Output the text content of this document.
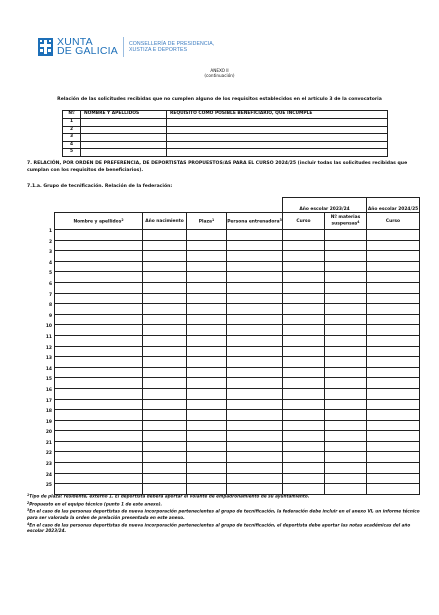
XUNTA
DE GALICIA
CONSELLERÍA DE PRESIDENCIA,
XUSTIZA E DEPORTES
ANEXO II
(continuación)
Relación de las solicitudes recibidas que no cumplen alguno de los requisitos establecidos en el artículo 3 de la convocatoria
Nº	NOMBRE Y APELLIDOS	REQUISITO COMO POSIBLE BENEFICIARIO, QUE INCUMPLE
1		
2		
3		
4		
5		
7. RELACIÓN, POR ORDEN DE PREFERENCIA, DE DEPORTISTAS PROPUESTOS/AS PARA EL CURSO 2024/25 (incluir todas las solicitudes recibidas que cumplan con los requisitos de beneficiarios).
7.1.a. Grupo de tecnificación. Relación de la federación:
				Año escolar 2023/24		Año escolar 2024/25
Nombre y apellidos$^2$	Año nacimiento	Plaza$^1$	Persona entrenadora$^3$	Curso	Nº materias suspensas$^4$	Curso

1
2
3
4
5
6
7
8
9
10
11
12
13
14
15
16
17
18
19
20
21
22
23
24
25
$^1$Tipo de plaza: residente, externo 1. El deportista deberá aportar el volante de empadronamiento de su ayuntamiento.
$^2$Propuesto en el equipo técnico (punto 1 de este anexo).
$^3$En el caso de las personas deportistas de nueva incorporación pertenecientes al grupo de tecnificación, la federación debe incluir en el anexo VI, un informe técnico para ser valorada la orden de prelación presentada en este anexo.
$^4$En el caso de las personas deportistas de nueva incorporación pertenecientes al grupo de tecnificación, el deportista debe aportar las notas académicas del año escolar 2023/24.
